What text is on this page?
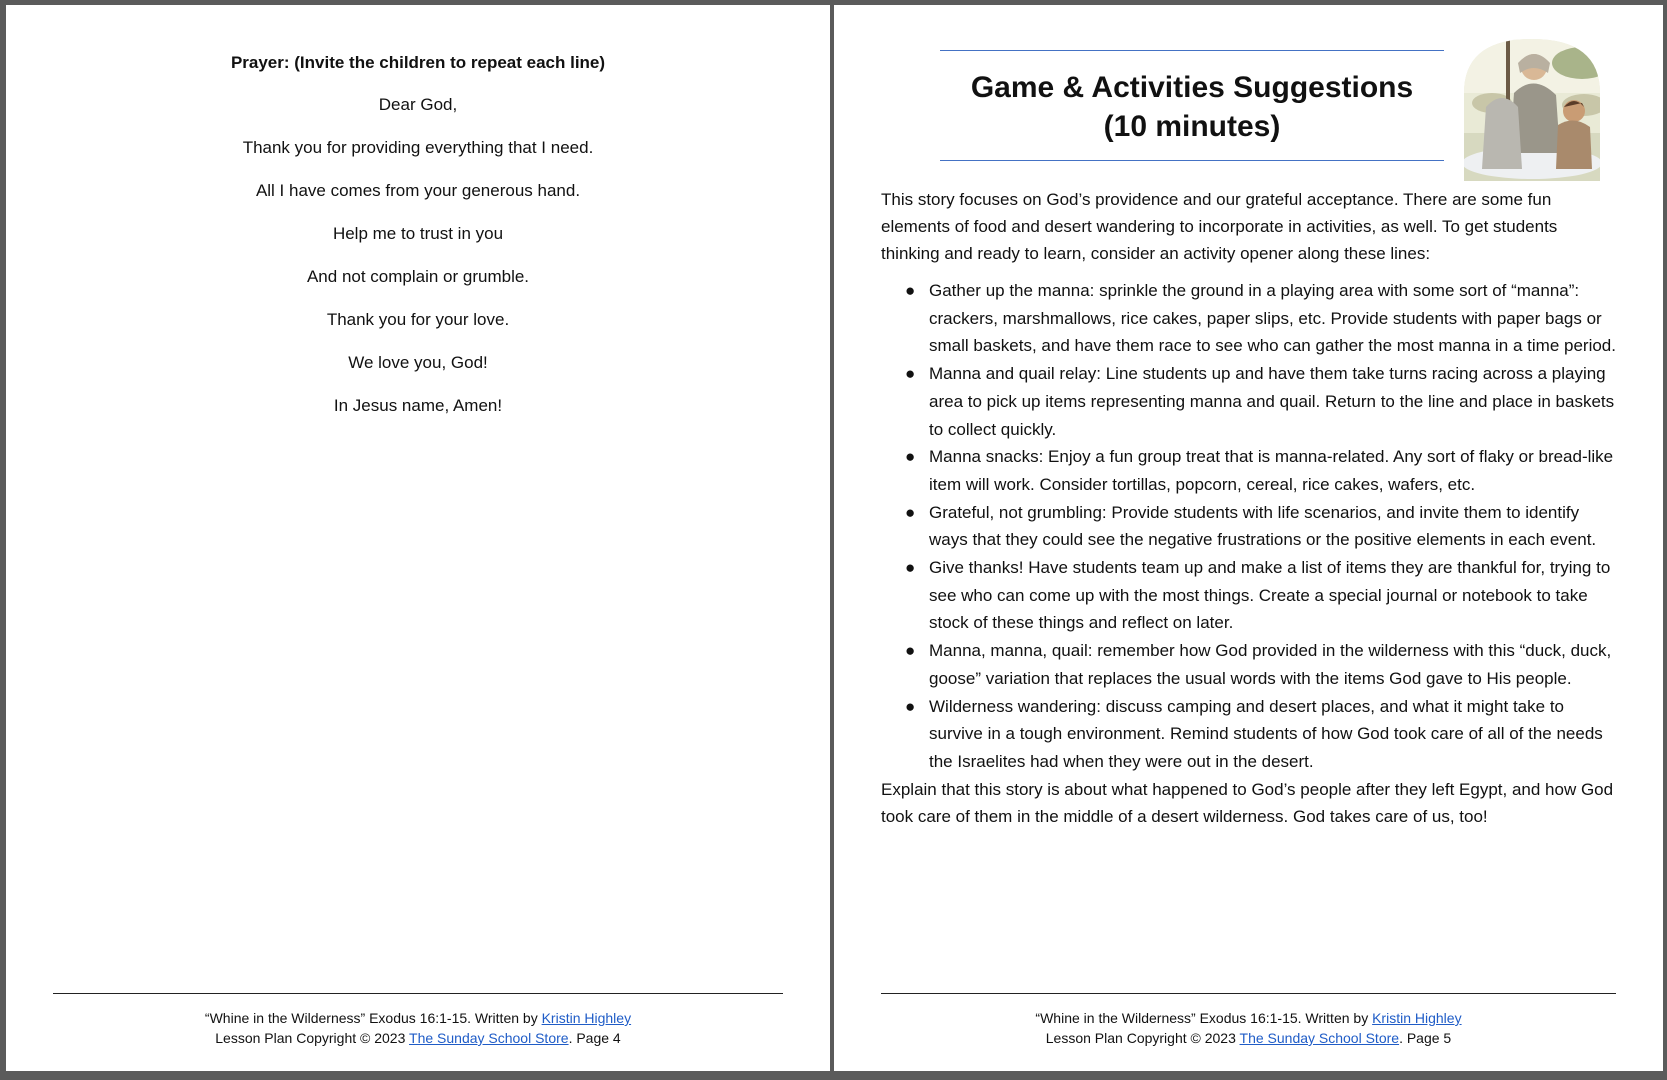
Prayer: (Invite the children to repeat each line)
Dear God,
Thank you for providing everything that I need.
All I have comes from your generous hand.
Help me to trust in you
And not complain or grumble.
Thank you for your love.
We love you, God!
In Jesus name, Amen!
“Whine in the Wilderness” Exodus 16:1-15. Written by Kristin Highley
Lesson Plan Copyright © 2023 The Sunday School Store. Page 4
Game & Activities Suggestions
(10 minutes)

This story focuses on God’s providence and our grateful acceptance. There are some fun elements of food and desert wandering to incorporate in activities, as well. To get students thinking and ready to learn, consider an activity opener along these lines:

● Gather up the manna: sprinkle the ground in a playing area with some sort of “manna”: crackers, marshmallows, rice cakes, paper slips, etc. Provide students with paper bags or small baskets, and have them race to see who can gather the most manna in a time period.
● Manna and quail relay: Line students up and have them take turns racing across a playing area to pick up items representing manna and quail. Return to the line and place in baskets to collect quickly.
● Manna snacks: Enjoy a fun group treat that is manna-related. Any sort of flaky or bread-like item will work. Consider tortillas, popcorn, cereal, rice cakes, wafers, etc.
● Grateful, not grumbling: Provide students with life scenarios, and invite them to identify ways that they could see the negative frustrations or the positive elements in each event.
● Give thanks! Have students team up and make a list of items they are thankful for, trying to see who can come up with the most things. Create a special journal or notebook to take stock of these things and reflect on later.
● Manna, manna, quail: remember how God provided in the wilderness with this “duck, duck, goose” variation that replaces the usual words with the items God gave to His people.
● Wilderness wandering: discuss camping and desert places, and what it might take to survive in a tough environment. Remind students of how God took care of all of the needs the Israelites had when they were out in the desert.

Explain that this story is about what happened to God’s people after they left Egypt, and how God took care of them in the middle of a desert wilderness. God takes care of us, too!

“Whine in the Wilderness” Exodus 16:1-15. Written by Kristin Highley
Lesson Plan Copyright © 2023 The Sunday School Store. Page 5
